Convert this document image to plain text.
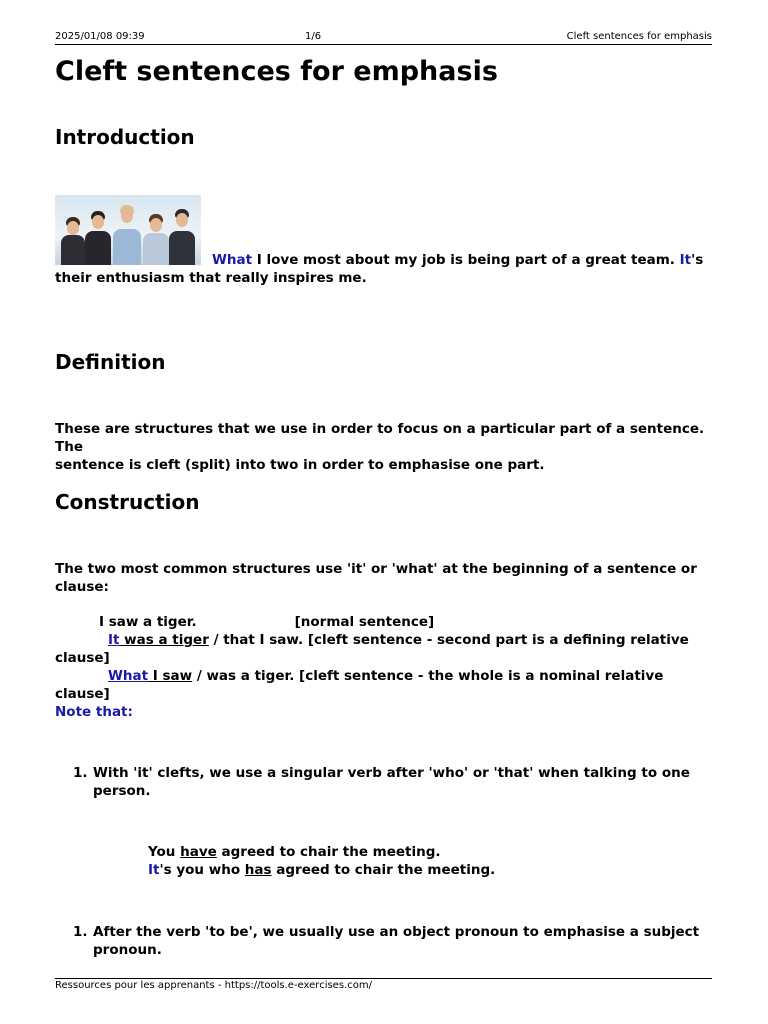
2025/01/08 09:39	1/6	Cleft sentences for emphasis
Cleft sentences for emphasis
Introduction
What I love most about my job is being part of a great team. It's
their enthusiasm that really inspires me.
Definition
These are structures that we use in order to focus on a particular part of a sentence. The
sentence is cleft (split) into two in order to emphasise one part.
Construction
The two most common structures use 'it' or 'what' at the beginning of a sentence or
clause:
I saw a tiger.	[normal sentence]
It was a tiger / that I saw. [cleft sentence - second part is a defining relative
clause]
What I saw / was a tiger. [cleft sentence - the whole is a nominal relative clause]
Note that:
1. With 'it' clefts, we use a singular verb after 'who' or 'that' when talking to one
person.
You have agreed to chair the meeting.
It's you who has agreed to chair the meeting.
1. After the verb 'to be', we usually use an object pronoun to emphasise a subject
pronoun.
Ressources pour les apprenants - https://tools.e-exercises.com/
